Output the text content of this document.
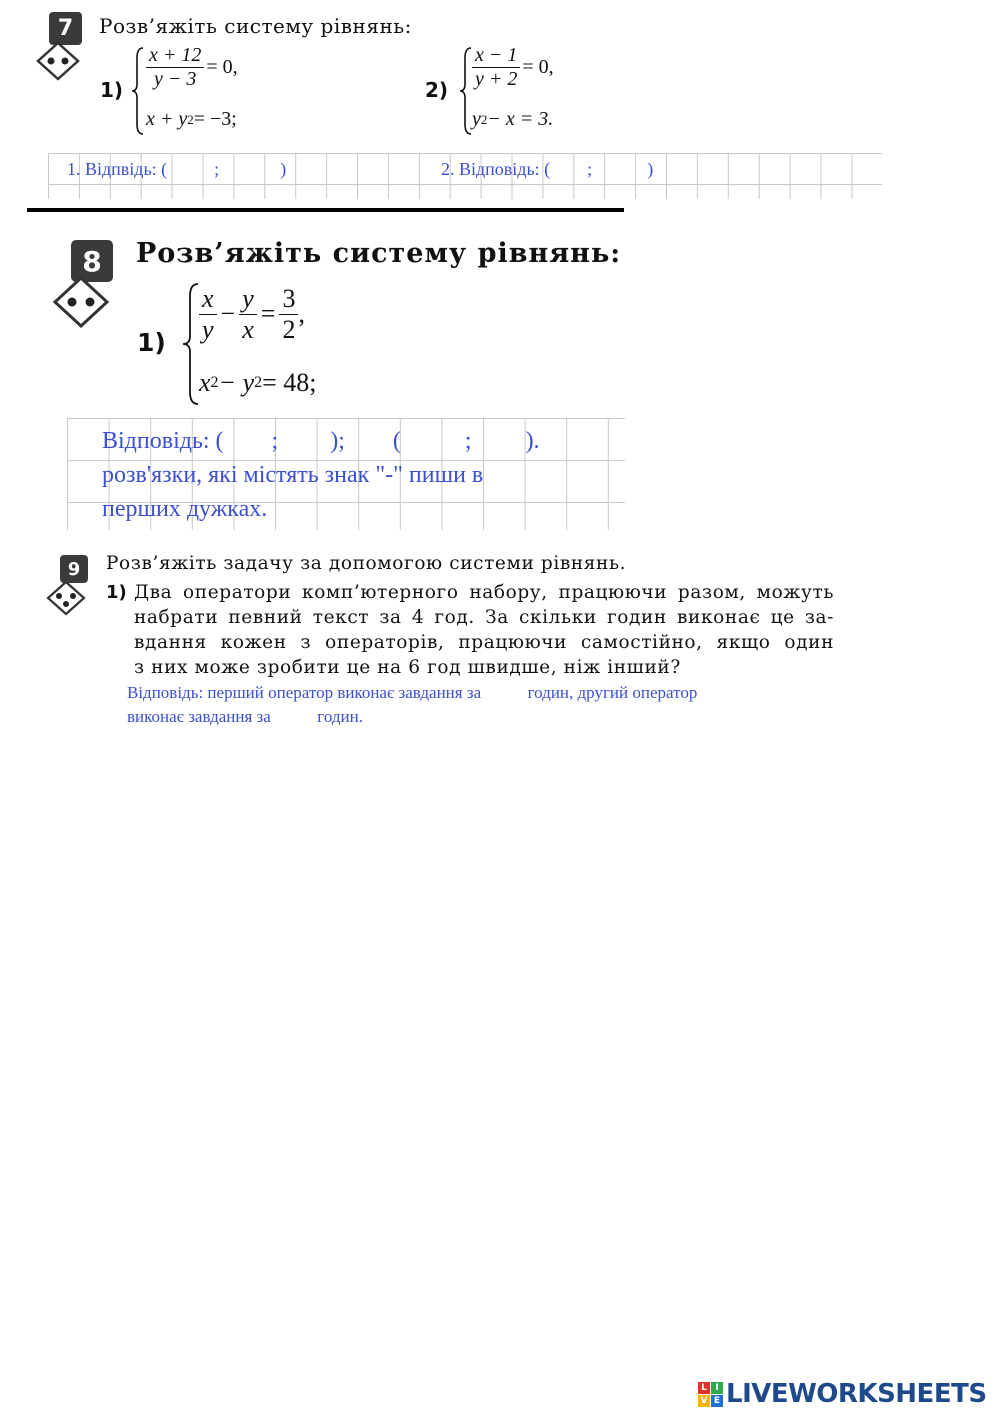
7	Розв’яжіть систему рівнянь:
$1) \frac{x + 12}{y - 3} = 0$,
x + y 2 = −3;
$2) \frac{x - 1}{y + 2} = 0$,
y 2 − x = 3.
1. Відпвідь: (	;	)	2. Відповідь: ( ;	)
8	Розв’яжіть систему рівнянь:
$1) \frac{x}{y} - \frac{y}{x} = \frac{3}{2}$ ,
x 2 − y 2 = 48;
Відповідь: ( ; ); (	; ).
розв'язки, які містять знак "-" пиши в
перших дужках.
9	Розв’яжіть задачу за допомогою системи рівнянь.
1) Два оператори комп’ютерного набору, працюючи разом, можуть
набрати певний текст за 4 год. За скільки годин виконає це за-
вдання кожен з операторів, працюючи самостійно, якщо один
з них може зробити це на 6 год швидше, ніж інший?
Відповідь: перший оператор виконає завдання за	годин, другий оператор
виконає завдання за	годин.
L I
V E LIVEWORKSHEETS
